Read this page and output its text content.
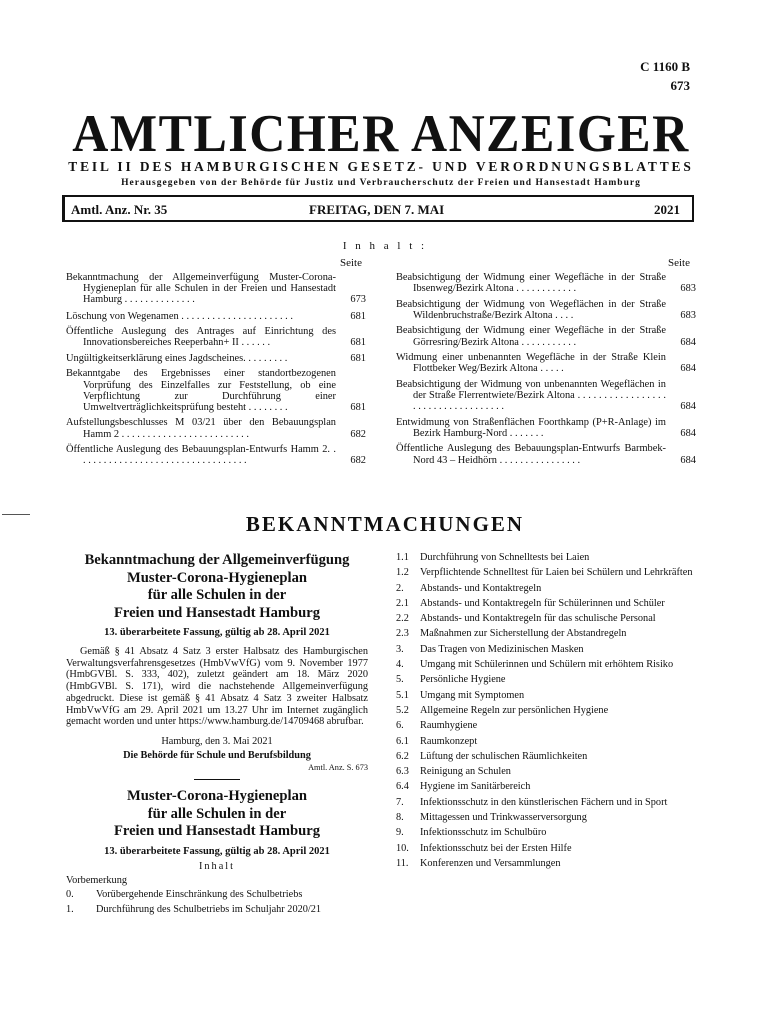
C 1160 B
673
AMTLICHER ANZEIGER
TEIL II DES HAMBURGISCHEN GESETZ- UND VERORDNUNGSBLATTES
Herausgegeben von der Behörde für Justiz und Verbraucherschutz der Freien und Hansestadt Hamburg
Amtl. Anz. Nr. 35	FREITAG, DEN 7. MAI	2021
I n h a l t :
Seite	Seite
Bekanntmachung der Allgemeinverfügung Muster-Corona-Hygieneplan für alle Schulen in der Freien und Hansestadt Hamburg . . . . . . . . . . . . . .	673
Löschung von Wegenamen . . . . . . . . . . . . . . . . . . . . . .	681
Öffentliche Auslegung des Antrages auf Einrichtung des Innovationsbereiches Reeperbahn+ II . . . . . .	681
Ungültigkeitserklärung eines Jagdscheines. . . . . . . . .	681
Bekanntgabe des Ergebnisses einer standortbezogenen Vorprüfung des Einzelfalles zur Feststellung, ob eine Verpflichtung zur Durchführung einer Umweltverträglichkeitsprüfung besteht . . . . . . . .	681
Aufstellungsbeschlusses M 03/21 über den Bebauungsplan Hamm 2 . . . . . . . . . . . . . . . . . . . . . . . . .	682
Öffentliche Auslegung des Bebauungsplan-Entwurfs Hamm 2. . . . . . . . . . . . . . . . . . . . . . . . . . . . . . . . . .	682
Beabsichtigung der Widmung einer Wegefläche in der Straße Ibsenweg/Bezirk Altona . . . . . . . . . . . .	683
Beabsichtigung der Widmung von Wegeflächen in der Straße Wildenbruchstraße/Bezirk Altona . . . .	683
Beabsichtigung der Widmung einer Wegefläche in der Straße Görresring/Bezirk Altona . . . . . . . . . . .	684
Widmung einer unbenannten Wegefläche in der Straße Klein Flottbeker Weg/Bezirk Altona . . . . .	684
Beabsichtigung der Widmung von unbenannten Wegeflächen in der Straße Flerrentwiete/Bezirk Altona . . . . . . . . . . . . . . . . . . . . . . . . . . . . . . . . . . .	684
Entwidmung von Straßenflächen Foorthkamp (P+R-Anlage) im Bezirk Hamburg-Nord . . . . . . .	684
Öffentliche Auslegung des Bebauungsplan-Entwurfs Barmbek-Nord 43 – Heidhörn . . . . . . . . . . . . . . . .	684
BEKANNTMACHUNGEN
Bekanntmachung der Allgemeinverfügung
Muster-Corona-Hygieneplan
für alle Schulen in der
Freien und Hansestadt Hamburg
13. überarbeitete Fassung, gültig ab 28. April 2021
Gemäß § 41 Absatz 4 Satz 3 erster Halbsatz des Hamburgischen Verwaltungsverfahrensgesetzes (HmbVwVfG) vom 9. November 1977 (HmbGVBl. S. 333, 402), zuletzt geändert am 18. März 2020 (HmbGVBl. S. 171), wird die nachstehende Allgemeinverfügung abgedruckt. Diese ist gemäß § 41 Absatz 4 Satz 3 zweiter Halbsatz HmbVwVfG am 29. April 2021 um 13.27 Uhr im Internet zugänglich gemacht worden und unter https://www.hamburg.de/14709468 abrufbar.
Hamburg, den 3. Mai 2021
Die Behörde für Schule und Berufsbildung
Amtl. Anz. S. 673
Muster-Corona-Hygieneplan
für alle Schulen in der
Freien und Hansestadt Hamburg
13. überarbeitete Fassung, gültig ab 28. April 2021
Inhalt
Vorbemerkung
0. Vorübergehende Einschränkung des Schulbetriebs
1. Durchführung des Schulbetriebs im Schuljahr 2020/21
1.1 Durchführung von Schnelltests bei Laien
1.2 Verpflichtende Schnelltest für Laien bei Schülern und Lehrkräften
2. Abstands- und Kontaktregeln
2.1 Abstands- und Kontaktregeln für Schülerinnen und Schüler
2.2 Abstands- und Kontaktregeln für das schulische Personal
2.3 Maßnahmen zur Sicherstellung der Abstandregeln
3. Das Tragen von Medizinischen Masken
4. Umgang mit Schülerinnen und Schülern mit erhöhtem Risiko
5. Persönliche Hygiene
5.1 Umgang mit Symptomen
5.2 Allgemeine Regeln zur persönlichen Hygiene
6. Raumhygiene
6.1 Raumkonzept
6.2 Lüftung der schulischen Räumlichkeiten
6.3 Reinigung an Schulen
6.4 Hygiene im Sanitärbereich
7. Infektionsschutz in den künstlerischen Fächern und in Sport
8. Mittagessen und Trinkwasserversorgung
9. Infektionsschutz im Schulbüro
10. Infektionsschutz bei der Ersten Hilfe
11. Konferenzen und Versammlungen
